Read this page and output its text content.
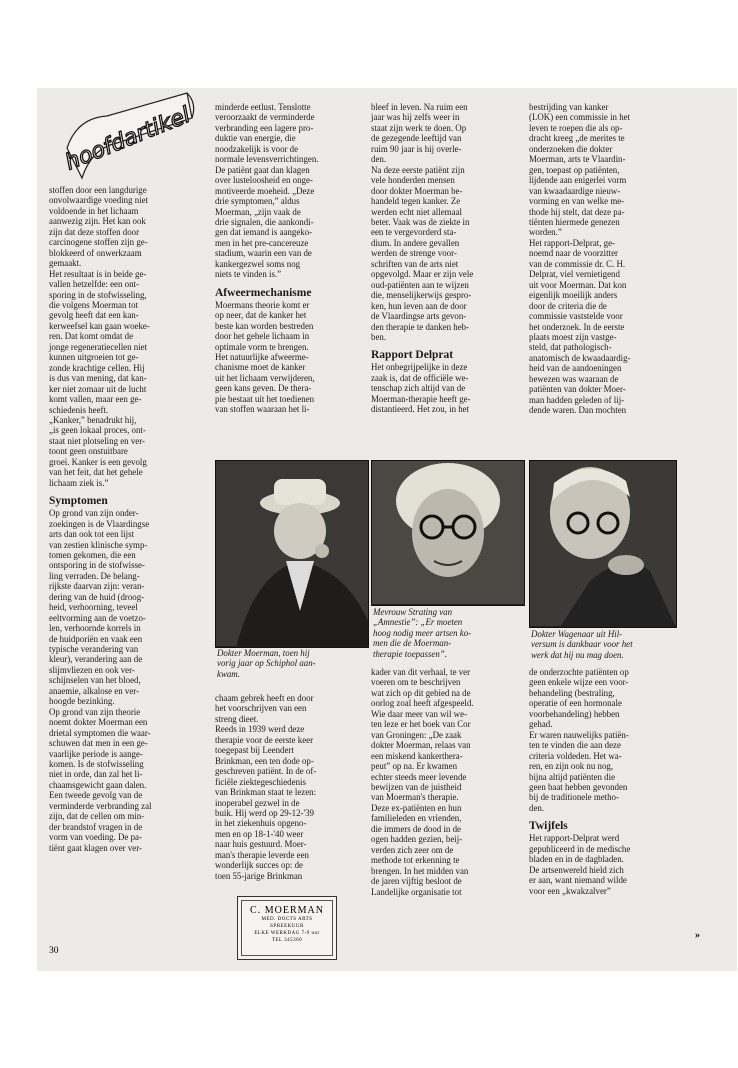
hoofdartikel

stoffen door een langdurige
onvolwaardige voeding niet
voldoende in het lichaam
aanwezig zijn. Het kan ook
zijn dat deze stoffen door
carcinogene stoffen zijn ge-
blokkeerd of onwerkzaam
gemaakt.
Het resultaat is in beide ge-
vallen hetzelfde: een ont-
sporing in de stofwisseling,
die volgens Moerman tot
gevolg heeft dat een kan-
kerweefsel kan gaan woeke-
ren. Dat komt omdat de
jonge regeneratiecellen niet
kunnen uitgroeien tot ge-
zonde krachtige cellen. Hij
is dus van mening, dat kan-
ker niet zomaar uit de lucht
komt vallen, maar een ge-
schiedenis heeft.
„Kanker,” benadrukt hij,
„is geen lokaal proces, ont-
staat niet plotseling en ver-
toont geen onstuitbare
groei. Kanker is een gevolg
van het feit, dat het gehele
lichaam ziek is.”

Symptomen

Op grond van zijn onder-
zoekingen is de Vlaardingse
arts dan ook tot een lijst
van zestien klinische symp-
tomen gekomen, die een
ontsporing in de stofwisse-
ling verraden. De belang-
rijkste daarvan zijn: veran-
dering van de huid (droog-
heid, verhoorning, teveel
eeltvorming aan de voetzo-
len, verhoornde korrels in
de huidporiën en vaak een
typische verandering van
kleur), verandering aan de
slijmvliezen en ook ver-
schijnselen van het bloed,
anaemie, alkalose en ver-
hoogde bezinking.
Op grond van zijn theorie
noemt dokter Moerman een
drietal symptomen die waar-
schuwen dat men in een ge-
vaarlijke periode is aange-
komen. Is de stofwisseling
niet in orde, dan zal het li-
chaamsgewicht gaan dalen.
Een tweede gevolg van de
verminderde verbranding zal
zijn, dat de cellen om min-
der brandstof vragen in de
vorm van voeding. De pa-
tiënt gaat klagen over ver-

30

minderde eetlust. Tenslotte
veroorzaakt de verminderde
verbranding een lagere pro-
duktie van energie, die
noodzakelijk is voor de
normale levensverrichtingen.
De patiënt gaat dan klagen
over lusteloosheid en onge-
motiveerde moeheid. „Deze
drie symptomen,” aldus
Moerman, „zijn vaak de
drie signalen, die aankondi-
gen dat iemand is aangeko-
men in het pre-cancereuze
stadium, waarin een van de
kankergezwel soms nog
niets te vinden is.”

Afweermechanisme

Moermans theorie komt er
op neer, dat de kanker het
beste kan worden bestreden
door het gehele lichaam in
optimale vorm te brengen.
Het natuurlijke afweerme-
chanisme moet de kanker
uit het lichaam verwijderen,
geen kans geven. De thera-
pie bestaat uit het toedienen
van stoffen waaraan het li-

bleef in leven. Na ruim een
jaar was hij zelfs weer in
staat zijn werk te doen. Op
de gezegende leeftijd van
ruim 90 jaar is hij overle-
den.
Na deze eerste patiënt zijn
vele honderden mensen
door dokter Moerman be-
handeld tegen kanker. Ze
werden echt niet allemaal
beter. Vaak was de ziekte in
een te vergevorderd sta-
dium. In andere gevallen
werden de strenge voor-
schriften van de arts niet
opgevolgd. Maar er zijn vele
oud-patiënten aan te wijzen
die, menselijkerwijs gespro-
ken, hun leven aan de door
de Vlaardingse arts gevon-
den therapie te danken heb-
ben.

Rapport Delprat

Het onbegrijpelijke in deze
zaak is, dat de officiële we-
tenschap zich altijd van de
Moerman-therapie heeft ge-
distantieerd. Het zou, in het

bestrijding van kanker
(LOK) een commissie in het
leven te roepen die als op-
dracht kreeg „de merites te
onderzoeken die dokter
Moerman, arts te Vlaardin-
gen, toepast op patiënten,
lijdende aan enigerlei vorm
van kwaadaardige nieuw-
vorming en van welke me-
thode hij stelt, dat deze pa-
tiënten hiermede genezen
worden.”
Het rapport-Delprat, ge-
noemd naar de voorzitter
van de commissie dr. C. H.
Delprat, viel vernietigend
uit voor Moerman. Dat kon
eigenlijk moeilijk anders
door de criteria die de
commissie vaststelde voor
het onderzoek. In de eerste
plaats moest zijn vastge-
steld, dat pathologisch-
anatomisch de kwaadaardig-
heid van de aandoeningen
bewezen was waaraan de
patiënten van dokter Moer-
man hadden geleden of lij-
dende waren. Dan mochten

Dokter Moerman, toen hij
vorig jaar op Schiphol aan-
kwam.
Mevrouw Strating van
„Amnestie”: „Er moeten
hoog nodig meer artsen ko-
men die de Moerman-
therapie toepassen”.
Dokter Wagenaar uit Hil-
versum is dankbaar voor het
werk dat hij nu mag doen.

chaam gebrek heeft en door
het voorschrijven van een
streng dieet.
Reeds in 1939 werd deze
therapie voor de eerste keer
toegepast bij Leendert
Brinkman, een ten dode op-
geschreven patiënt. In de of-
ficiële ziektegeschiedenis
van Brinkman staat te lezen:
inoperabel gezwel in de
buik. Hij werd op 29-12-'39
in het ziekenhuis opgeno-
men en op 18-1-'40 weer
naar huis gestuurd. Moer-
man's therapie leverde een
wonderlijk succes op: de
toen 55-jarige Brinkman

C. MOERMAN
MED. DOCTS ARTS
SPREEKUUR
ELKE WERKDAG 7-9 uur
TEL 345360

kader van dit verhaal, te ver
voeren om te beschrijven
wat zich op dit gebied na de
oorlog zoal heeft afgespeeld.
Wie daar meer van wil we-
ten leze er het boek van Cor
van Groningen: „De zaak
dokter Moerman, relaas van
een miskend kankerthera-
peut” op na. Er kwamen
echter steeds meer levende
bewijzen van de juistheid
van Moerman's therapie.
Deze ex-patiënten en hun
familieleden en vrienden,
die immers de dood in de
ogen hadden gezien, beij-
verden zich zeer om de
methode tot erkenning te
brengen. In het midden van
de jaren vijftig besloot de
Landelijke organisatie tot

de onderzochte patiënten op
geen enkele wijze een voor-
behandeling (bestraling,
operatie of een hormonale
voorbehandeling) hebben
gehad.
Er waren nauwelijks patiën-
ten te vinden die aan deze
criteria voldeden. Het wa-
ren, en zijn ook nu nog,
bijna altijd patiënten die
geen baat hebben gevonden
bij de traditionele metho-
den.

Twijfels

Het rapport-Delprat werd
gepubliceerd in de medische
bladen en in de dagbladen.
De artsenwereld hield zich
er aan, want niemand wilde
voor een „kwakzalver”

»
